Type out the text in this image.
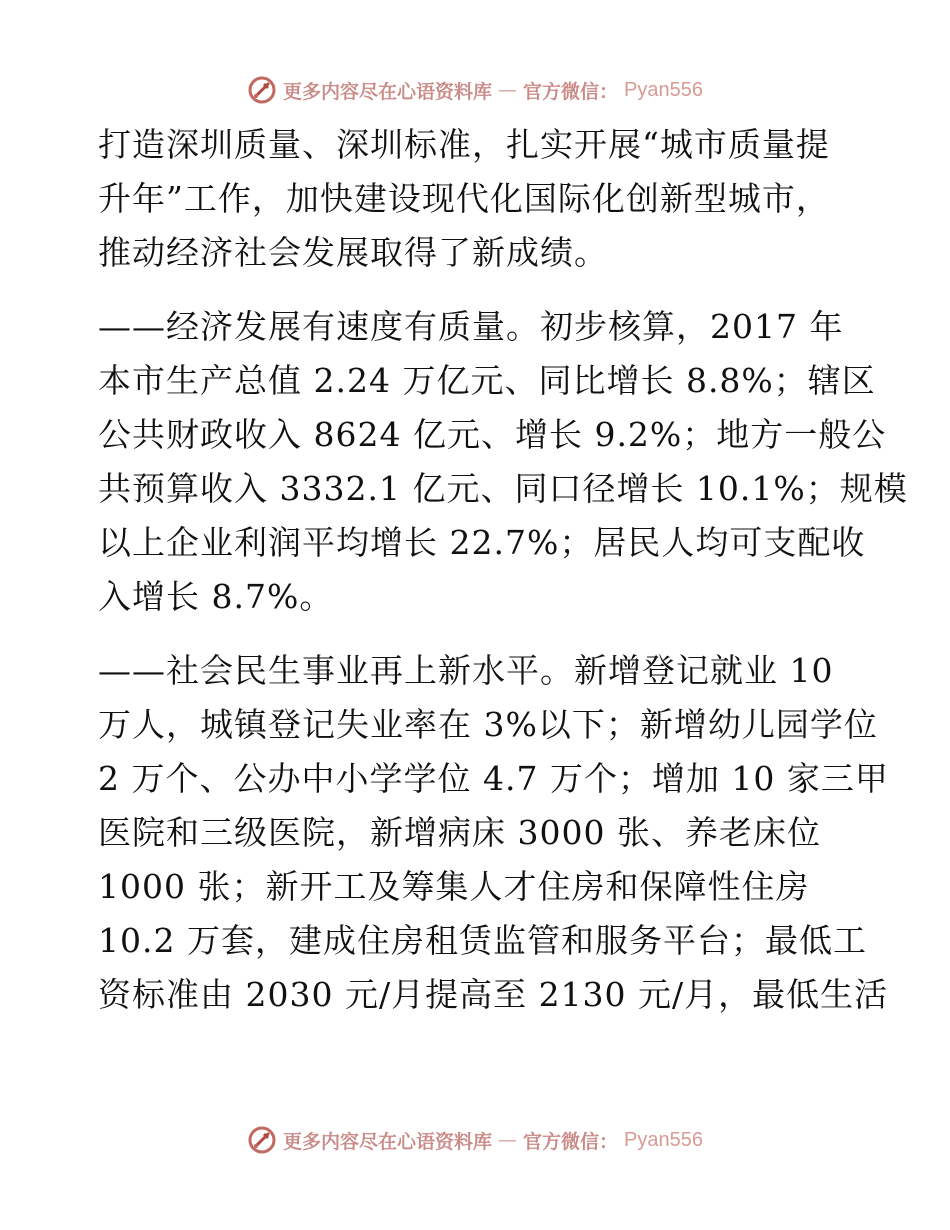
更多内容尽在心语资料库 — 官方微信： Pyan556

打造深圳质量、深圳标准，扎实开展“城市质量提
升年”工作，加快建设现代化国际化创新型城市，
推动经济社会发展取得了新成绩。

——经济发展有速度有质量。初步核算，2017 年
本市生产总值 2.24 万亿元、同比增长 8.8%；辖区
公共财政收入 8624 亿元、增长 9.2%；地方一般公
共预算收入 3332.1 亿元、同口径增长 10.1%；规模
以上企业利润平均增长 22.7%；居民人均可支配收
入增长 8.7%。

——社会民生事业再上新水平。新增登记就业 10
万人，城镇登记失业率在 3%以下；新增幼儿园学位
2 万个、公办中小学学位 4.7 万个；增加 10 家三甲
医院和三级医院，新增病床 3000 张、养老床位
1000 张；新开工及筹集人才住房和保障性住房
10.2 万套，建成住房租赁监管和服务平台；最低工
资标准由 2030 元/月提高至 2130 元/月，最低生活

更多内容尽在心语资料库 — 官方微信： Pyan556
